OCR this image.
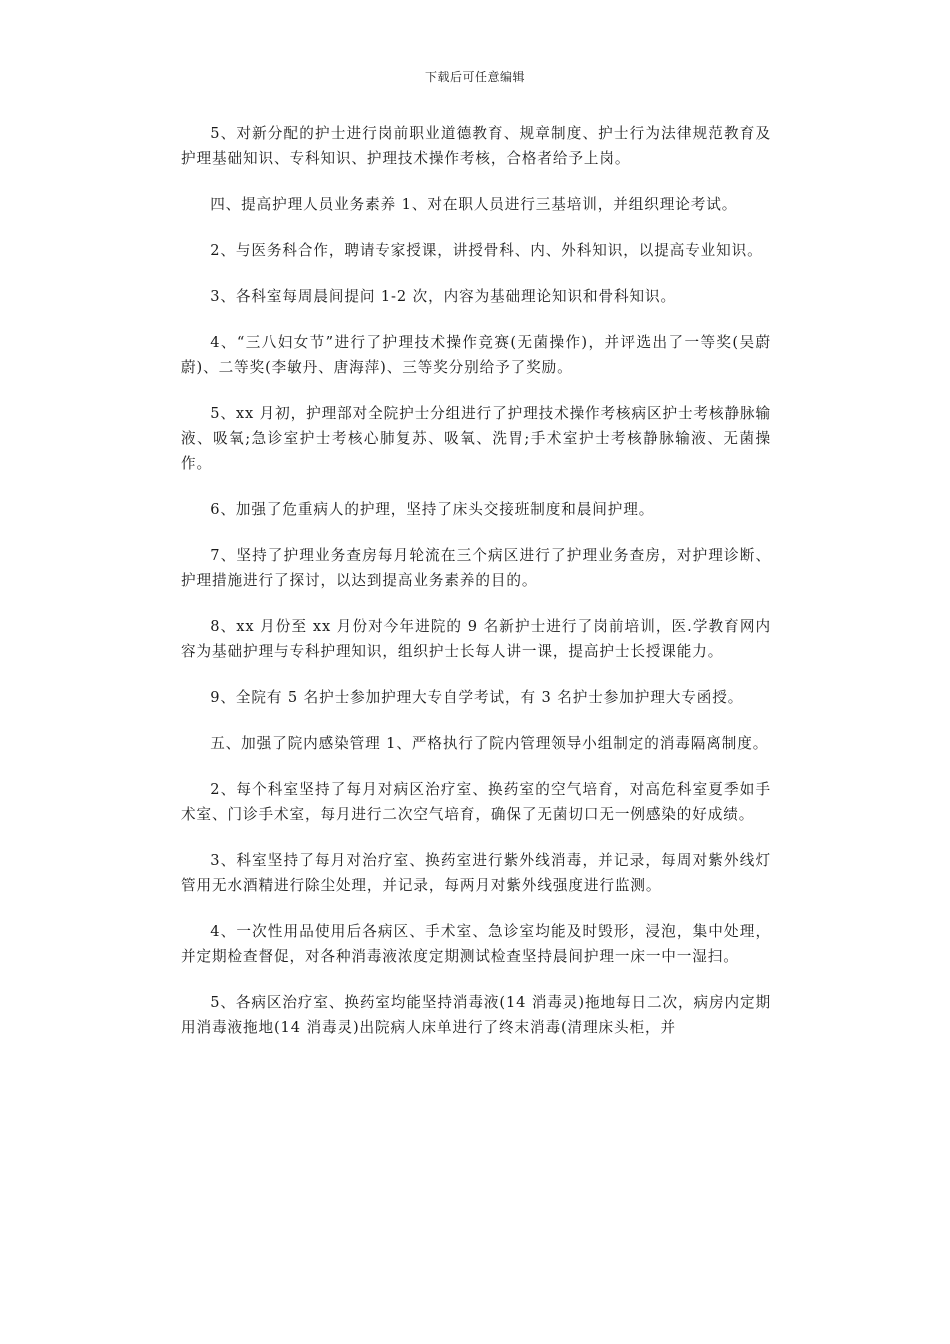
下载后可任意编辑

5、对新分配的护士进行岗前职业道德教育、规章制度、护士行为法律规范教育及护理基础知识、专科知识、护理技术操作考核，合格者给予上岗。

四、提高护理人员业务素养 1、对在职人员进行三基培训，并组织理论考试。

2、与医务科合作，聘请专家授课，讲授骨科、内、外科知识，以提高专业知识。

3、各科室每周晨间提问 1-2 次，内容为基础理论知识和骨科知识。

4、“三八妇女节”进行了护理技术操作竞赛(无菌操作)，并评选出了一等奖(吴蔚蔚)、二等奖(李敏丹、唐海萍)、三等奖分别给予了奖励。

5、xx 月初，护理部对全院护士分组进行了护理技术操作考核病区护士考核静脉输液、吸氧;急诊室护士考核心肺复苏、吸氧、洗胃;手术室护士考核静脉输液、无菌操作。

6、加强了危重病人的护理，坚持了床头交接班制度和晨间护理。

7、坚持了护理业务查房每月轮流在三个病区进行了护理业务查房，对护理诊断、护理措施进行了探讨，以达到提高业务素养的目的。

8、xx 月份至 xx 月份对今年进院的 9 名新护士进行了岗前培训，医.学教育网内容为基础护理与专科护理知识，组织护士长每人讲一课，提高护士长授课能力。

9、全院有 5 名护士参加护理大专自学考试，有 3 名护士参加护理大专函授。

五、加强了院内感染管理 1、严格执行了院内管理领导小组制定的消毒隔离制度。

2、每个科室坚持了每月对病区治疗室、换药室的空气培育，对高危科室夏季如手术室、门诊手术室，每月进行二次空气培育，确保了无菌切口无一例感染的好成绩。

3、科室坚持了每月对治疗室、换药室进行紫外线消毒，并记录，每周对紫外线灯管用无水酒精进行除尘处理，并记录，每两月对紫外线强度进行监测。

4、一次性用品使用后各病区、手术室、急诊室均能及时毁形，浸泡，集中处理，并定期检查督促，对各种消毒液浓度定期测试检查坚持晨间护理一床一中一湿扫。

5、各病区治疗室、换药室均能坚持消毒液(14 消毒灵)拖地每日二次，病房内定期用消毒液拖地(14 消毒灵)出院病人床单进行了终末消毒(清理床头柜，并
